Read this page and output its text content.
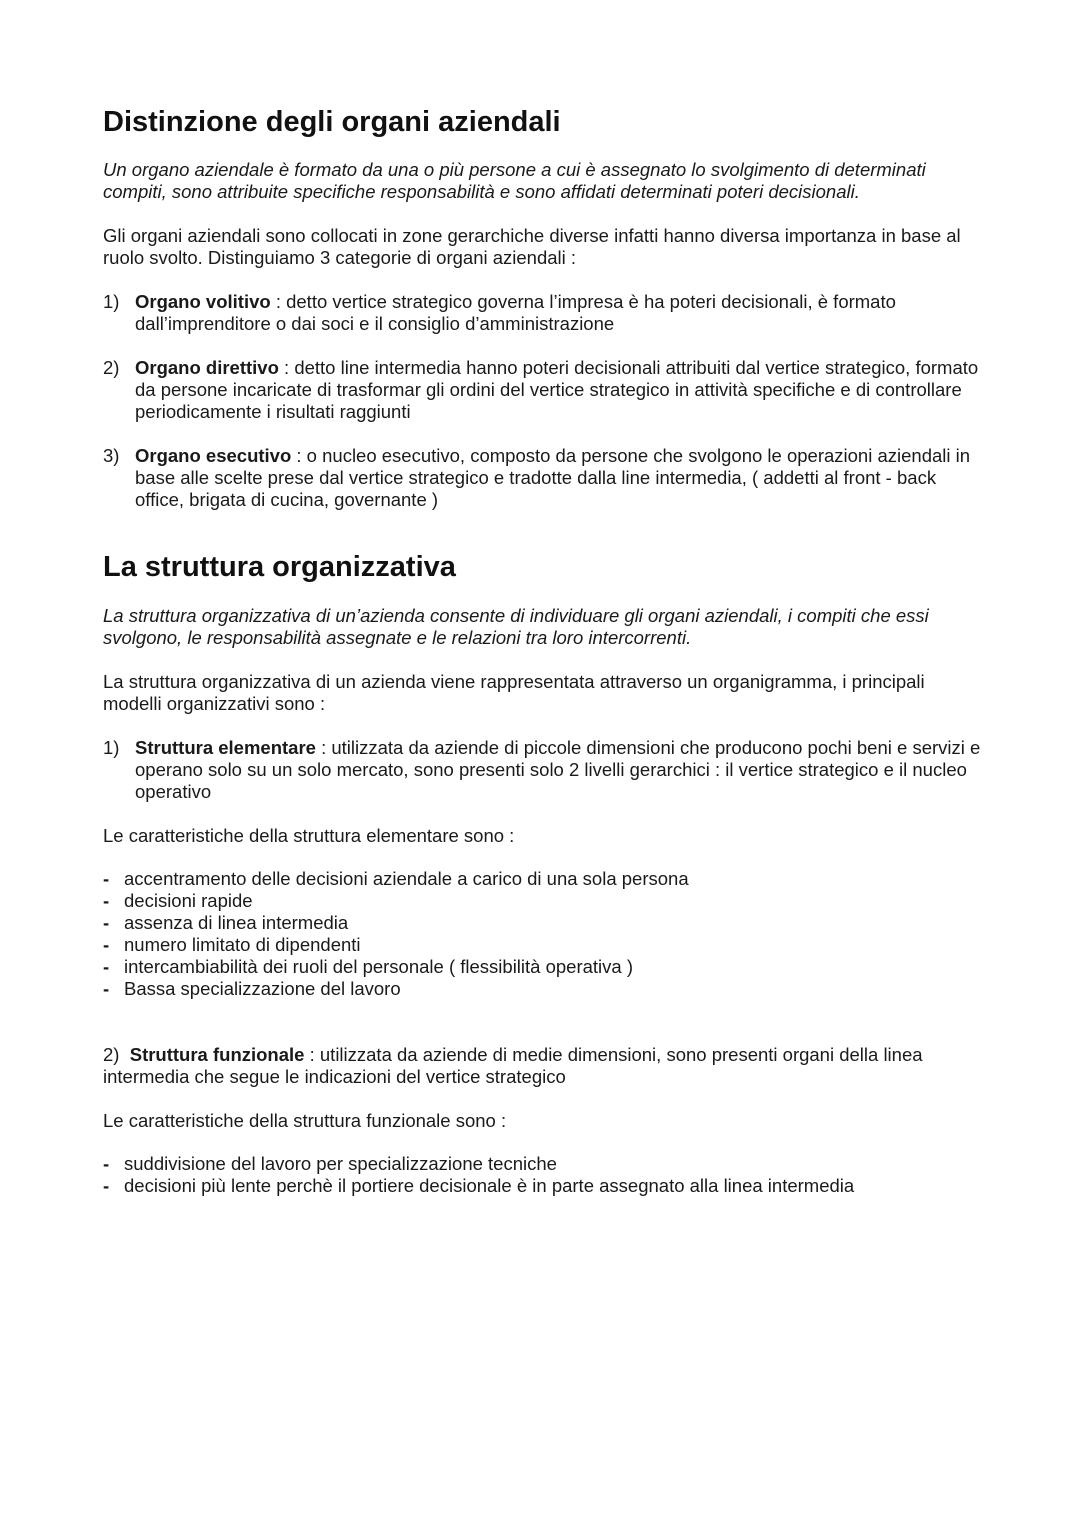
Distinzione degli organi aziendali

Un organo aziendale è formato da una o più persone a cui è assegnato lo svolgimento di determinati compiti, sono attribuite specifiche responsabilità e sono affidati determinati poteri decisionali.

Gli organi aziendali sono collocati in zone gerarchiche diverse infatti hanno diversa importanza in base al ruolo svolto. Distinguiamo 3 categorie di organi aziendali :

1) Organo volitivo : detto vertice strategico governa l’impresa è ha poteri decisionali, è formato dall’imprenditore o dai soci e il consiglio d’amministrazione
2) Organo direttivo : detto line intermedia hanno poteri decisionali attribuiti dal vertice strategico, formato da persone incaricate di trasformar gli ordini del vertice strategico in attività specifiche e di controllare periodicamente i risultati raggiunti
3) Organo esecutivo : o nucleo esecutivo, composto da persone che svolgono le operazioni aziendali in base alle scelte prese dal vertice strategico e tradotte dalla line intermedia, ( addetti al front - back office, brigata di cucina, governante )
La struttura organizzativa

La struttura organizzativa di un’azienda consente di individuare gli organi aziendali, i compiti che essi svolgono, le responsabilità assegnate e le relazioni tra loro intercorrenti.

La struttura organizzativa di un azienda viene rappresentata attraverso un organigramma, i principali modelli organizzativi sono :

1) Struttura elementare : utilizzata da aziende di piccole dimensioni che producono pochi beni e servizi e operano solo su un solo mercato, sono presenti solo 2 livelli gerarchici : il vertice strategico e il nucleo operativo

Le caratteristiche della struttura elementare sono :

- accentramento delle decisioni aziendale a carico di una sola persona
- decisioni rapide
- assenza di linea intermedia
- numero limitato di dipendenti
- intercambiabilità dei ruoli del personale ( flessibilità operativa )
- Bassa specializzazione del lavoro

2) Struttura funzionale : utilizzata da aziende di medie dimensioni, sono presenti organi della linea intermedia che segue le indicazioni del vertice strategico

Le caratteristiche della struttura funzionale sono :

- suddivisione del lavoro per specializzazione tecniche
- decisioni più lente perchè il portiere decisionale è in parte assegnato alla linea intermedia
